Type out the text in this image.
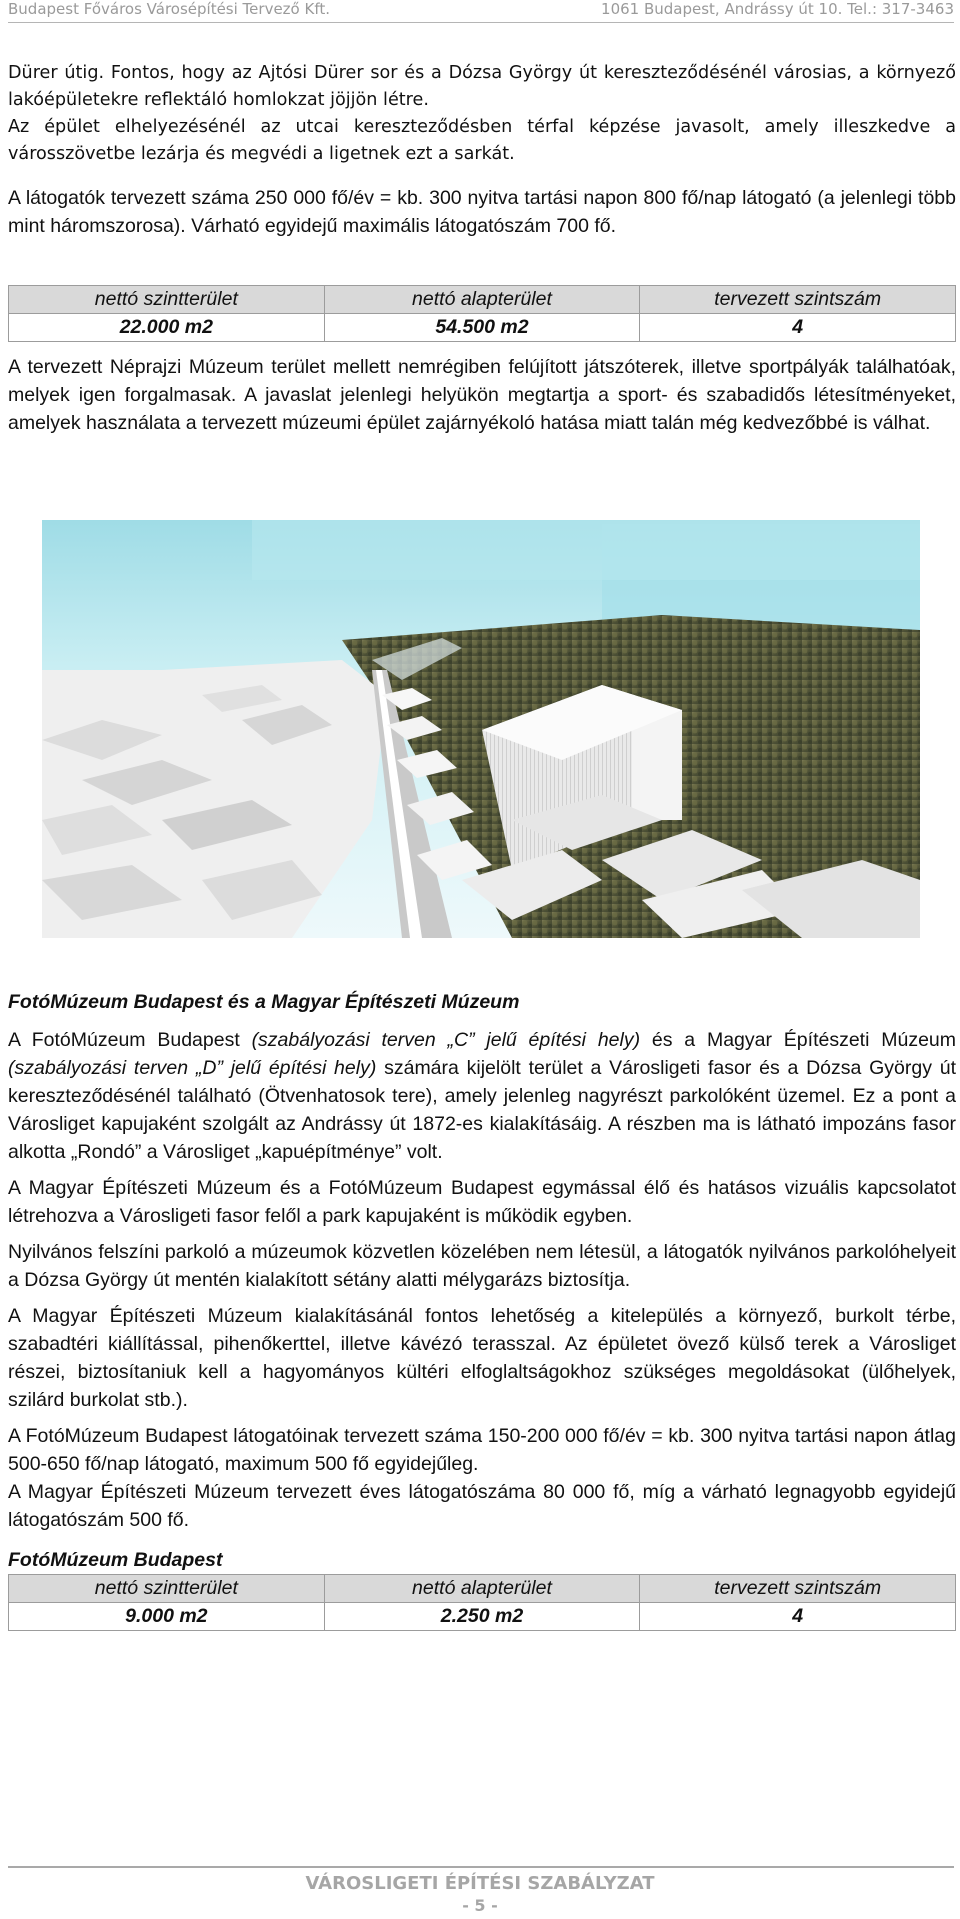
Budapest Főváros Városépítési Tervező Kft.	1061 Budapest, Andrássy út 10. Tel.: 317-3463

Dürer útig. Fontos, hogy az Ajtósi Dürer sor és a Dózsa György út kereszteződésénél városias, a környező lakóépületekre reflektáló homlokzat jöjjön létre.

Az épület elhelyezésénél az utcai kereszteződésben térfal képzése javasolt, amely illeszkedve a városszövetbe lezárja és megvédi a ligetnek ezt a sarkát.

A látogatók tervezett száma 250 000 fő/év = kb. 300 nyitva tartási napon 800 fő/nap látogató (a jelenlegi több mint háromszorosa). Várható egyidejű maximális látogatószám 700 fő.

nettó szintterület	nettó alapterület	tervezett szintszám
22.000 m2	54.500 m2	4

A tervezett Néprajzi Múzeum terület mellett nemrégiben felújított játszóterek, illetve sportpályák találhatóak, melyek igen forgalmasak. A javaslat jelenlegi helyükön megtartja a sport- és szabadidős létesítményeket, amelyek használata a tervezett múzeumi épület zajárnyékoló hatása miatt talán még kedvezőbbé is válhat.

FotóMúzeum Budapest és a Magyar Építészeti Múzeum

A FotóMúzeum Budapest (szabályozási terven „C” jelű építési hely) és a Magyar Építészeti Múzeum (szabályozási terven „D” jelű építési hely) számára kijelölt terület a Városligeti fasor és a Dózsa György út kereszteződésénél található (Ötvenhatosok tere), amely jelenleg nagyrészt parkolóként üzemel. Ez a pont a Városliget kapujaként szolgált az Andrássy út 1872-es kialakításáig. A részben ma is látható impozáns fasor alkotta „Rondó” a Városliget „kapuépítménye” volt.

A Magyar Építészeti Múzeum és a FotóMúzeum Budapest egymással élő és hatásos vizuális kapcsolatot létrehozva a Városligeti fasor felől a park kapujaként is működik egyben.

Nyilvános felszíni parkoló a múzeumok közvetlen közelében nem létesül, a látogatók nyilvános parkolóhelyeit a Dózsa György út mentén kialakított sétány alatti mélygarázs biztosítja.

A Magyar Építészeti Múzeum kialakításánál fontos lehetőség a kitelepülés a környező, burkolt térbe, szabadtéri kiállítással, pihenőkerttel, illetve kávézó terasszal. Az épületet övező külső terek a Városliget részei, biztosítaniuk kell a hagyományos kültéri elfoglaltságokhoz szükséges megoldásokat (ülőhelyek, szilárd burkolat stb.).

A FotóMúzeum Budapest látogatóinak tervezett száma 150-200 000 fő/év = kb. 300 nyitva tartási napon átlag 500-650 fő/nap látogató, maximum 500 fő egyidejűleg.

A Magyar Építészeti Múzeum tervezett éves látogatószáma 80 000 fő, míg a várható legnagyobb egyidejű látogatószám 500 fő.

FotóMúzeum Budapest

nettó szintterület	nettó alapterület	tervezett szintszám
9.000 m2	2.250 m2	4
VÁROSLIGETI ÉPÍTÉSI SZABÁLYZAT
- 5 -
